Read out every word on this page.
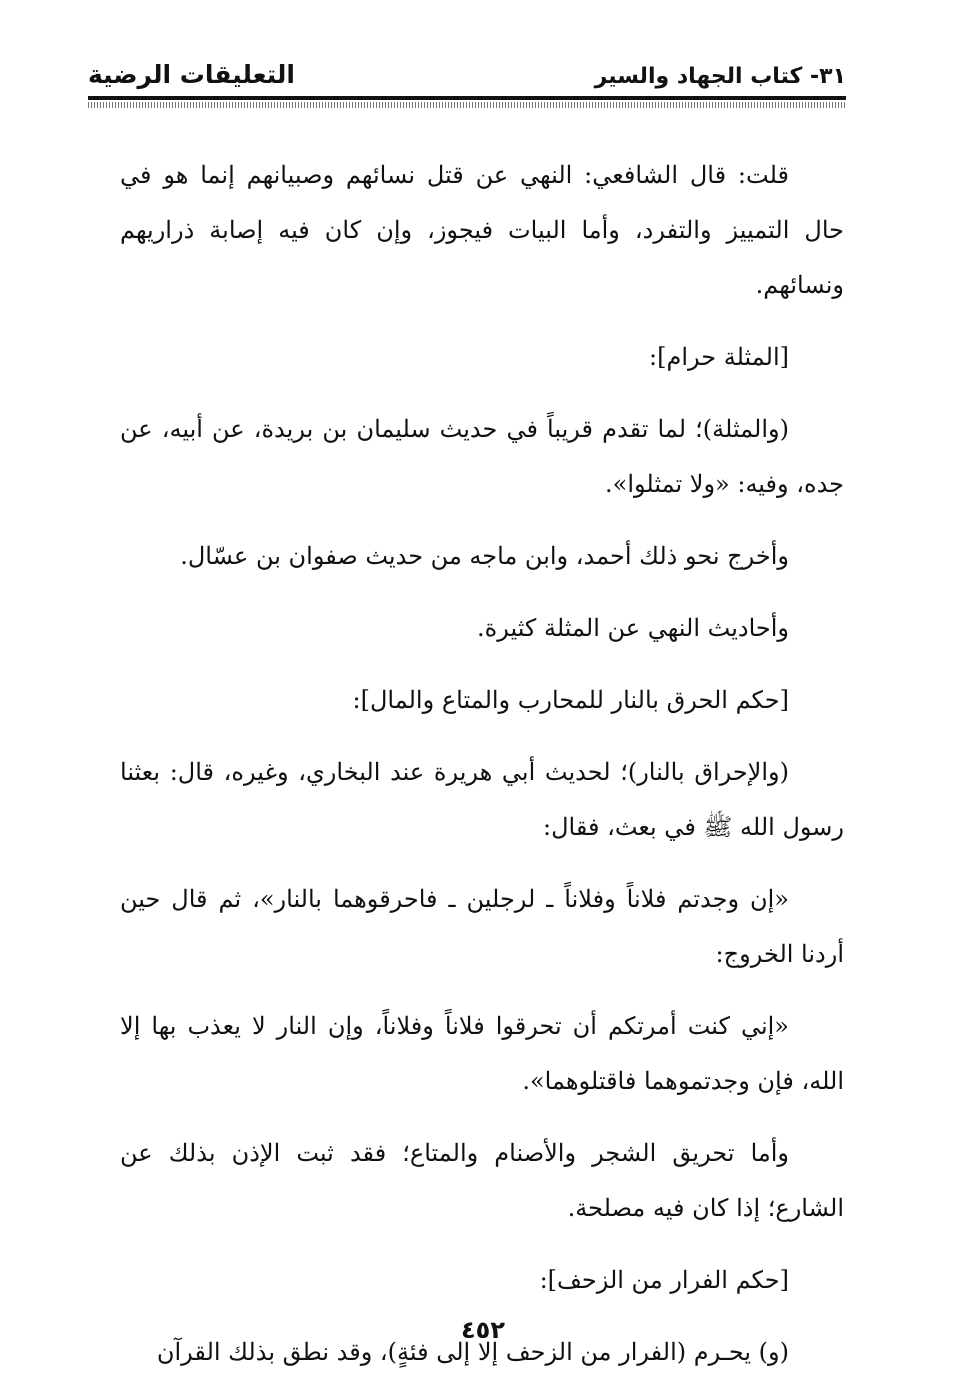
٣١- كتاب الجهاد والسير
التعليقات الرضية

قلت: قال الشافعي: النهي عن قتل نسائهم وصبيانهم إنما هو في حال التمييز والتفرد، وأما البيات فيجوز، وإن كان فيه إصابة ذراريهم ونسائهم.

[المثلة حرام]:

(والمثلة)؛ لما تقدم قريباً في حديث سليمان بن بريدة، عن أبيه، عن جده، وفيه: «ولا تمثلوا».

وأخرج نحو ذلك أحمد، وابن ماجه من حديث صفوان بن عسّال.

وأحاديث النهي عن المثلة كثيرة.

[حكم الحرق بالنار للمحارب والمتاع والمال]:

(والإحراق بالنار)؛ لحديث أبي هريرة عند البخاري، وغيره، قال: بعثنا رسول الله ﷺ في بعث، فقال:

«إن وجدتم فلاناً وفلاناً ـ لرجلين ـ فاحرقوهما بالنار»، ثم قال حين أردنا الخروج:

«إني كنت أمرتكم أن تحرقوا فلاناً وفلاناً، وإن النار لا يعذب بها إلا الله، فإن وجدتموهما فاقتلوهما».

وأما تحريق الشجر والأصنام والمتاع؛ فقد ثبت الإذن بذلك عن الشارع؛ إذا كان فيه مصلحة.

[حكم الفرار من الزحف]:

(و) يحـرم (الفرار من الزحف إلا إلى فئةٍ)، وقد نطق بذلك القرآن

٤٥٢
